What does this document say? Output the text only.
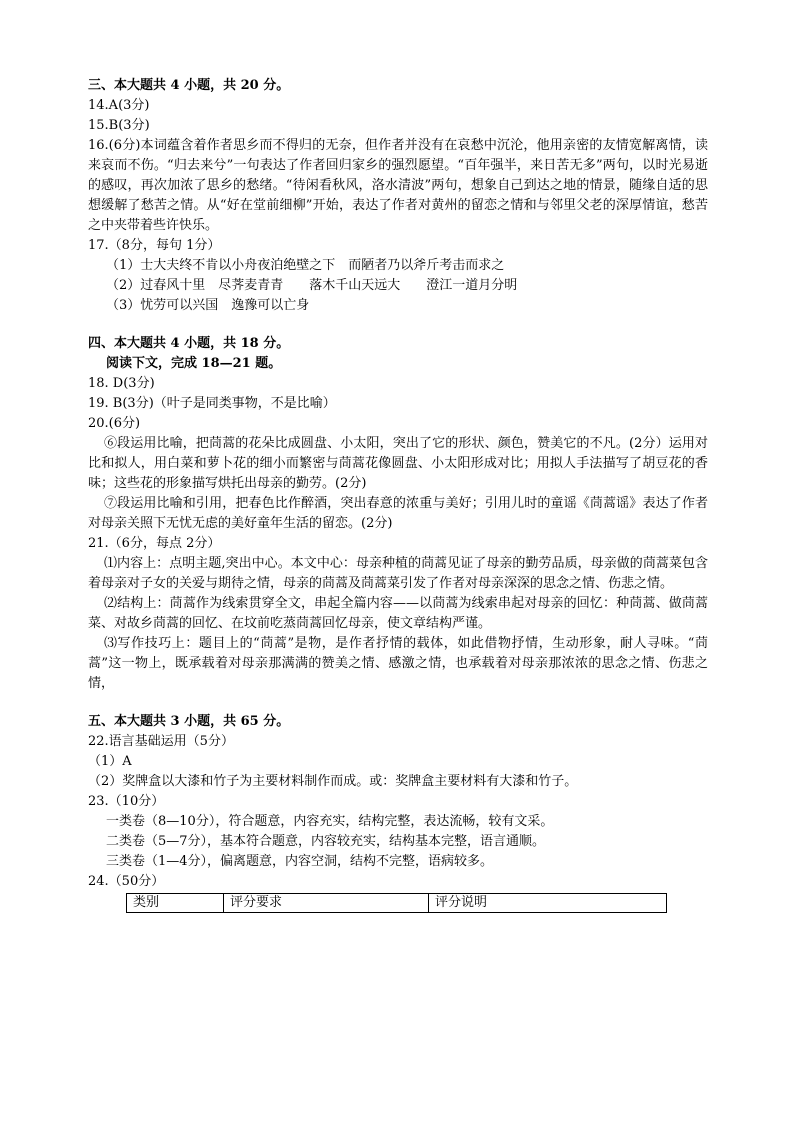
三、本大题共 4 小题，共 20 分。
14.A(3分)
15.B(3分)
16.(6分)本词蕴含着作者思乡而不得归的无奈，但作者并没有在哀愁中沉沦，他用亲密的友情宽解离情，读来哀而不伤。“归去来兮”一句表达了作者回归家乡的强烈愿望。“百年强半，来日苦无多”两句，以时光易逝的感叹，再次加浓了思乡的愁绪。“待闲看秋风，洛水清波”两句，想象自己到达之地的情景，随缘自适的思想缓解了愁苦之情。从“好在堂前细柳”开始，表达了作者对黄州的留恋之情和与邻里父老的深厚情谊，愁苦之中夹带着些许快乐。
17.（8分，每句 1分）
（1）士大夫终不肯以小舟夜泊绝壁之下　而陋者乃以斧斤考击而求之
（2）过春风十里　尽荠麦青青　　落木千山天远大　　澄江一道月分明
（3）忧劳可以兴国　逸豫可以亡身
四、本大题共 4 小题，共 18 分。
阅读下文，完成 18—21 题。
18. D(3分)
19. B(3分)（叶子是同类事物，不是比喻）
20.(6分)
⑥段运用比喻，把茼蒿的花朵比成圆盘、小太阳，突出了它的形状、颜色，赞美它的不凡。(2分）运用对比和拟人，用白菜和萝卜花的细小而繁密与茼蒿花像圆盘、小太阳形成对比；用拟人手法描写了胡豆花的香味；这些花的形象描写烘托出母亲的勤劳。(2分)
⑦段运用比喻和引用，把春色比作醉酒，突出春意的浓重与美好；引用儿时的童谣《茼蒿谣》表达了作者对母亲关照下无忧无虑的美好童年生活的留恋。(2分)
21.（6分，每点 2分）
⑴内容上：点明主题,突出中心。本文中心：母亲种植的茼蒿见证了母亲的勤劳品质，母亲做的茼蒿菜包含着母亲对子女的关爱与期待之情，母亲的茼蒿及茼蒿菜引发了作者对母亲深深的思念之情、伤悲之情。
⑵结构上：茼蒿作为线索贯穿全文，串起全篇内容——以茼蒿为线索串起对母亲的回忆：种茼蒿、做茼蒿菜、对故乡茼蒿的回忆、在坟前吃蒸茼蒿回忆母亲，使文章结构严谨。
⑶写作技巧上：题目上的“茼蒿”是物，是作者抒情的载体，如此借物抒情，生动形象，耐人寻味。“茼蒿”这一物上，既承载着对母亲那满满的赞美之情、感激之情，也承载着对母亲那浓浓的思念之情、伤悲之情，
五、本大题共 3 小题，共 65 分。
22.语言基础运用（5分）
（1）A
（2）奖牌盒以大漆和竹子为主要材料制作而成。或：奖牌盒主要材料有大漆和竹子。
23.（10分）
一类卷（8—10分），符合题意，内容充实，结构完整，表达流畅，较有文采。
二类卷（5—7分），基本符合题意，内容较充实，结构基本完整，语言通顺。
三类卷（1—4分），偏离题意，内容空洞，结构不完整，语病较多。
24.（50分）
类别	评分要求	评分说明
